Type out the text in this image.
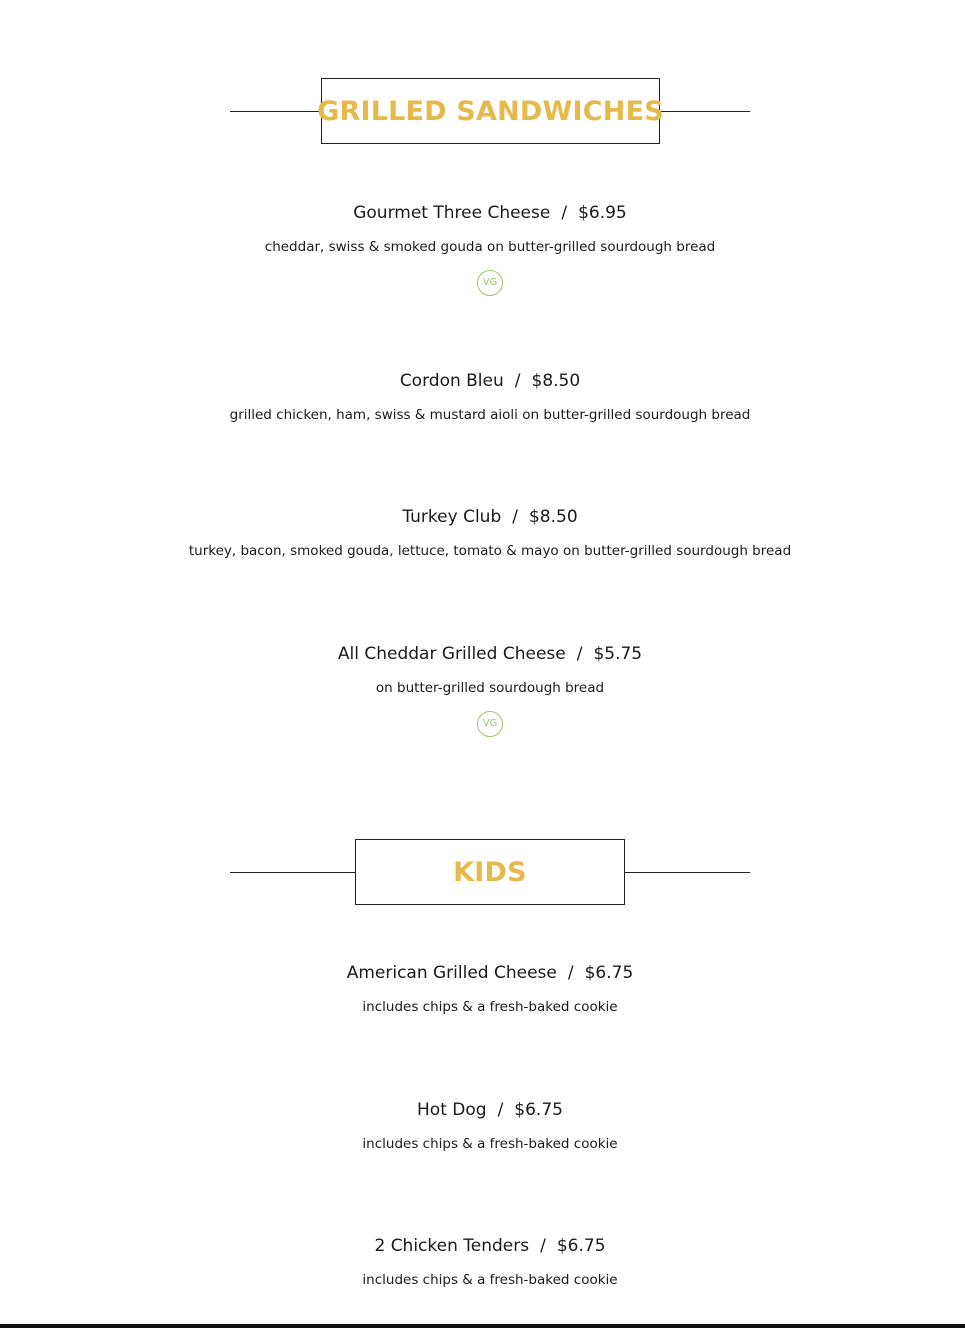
GRILLED SANDWICHES
Gourmet Three Cheese / $6.95
cheddar, swiss & smoked gouda on butter-grilled sourdough bread
VG
Cordon Bleu / $8.50
grilled chicken, ham, swiss & mustard aioli on butter-grilled sourdough bread
Turkey Club / $8.50
turkey, bacon, smoked gouda, lettuce, tomato & mayo on butter-grilled sourdough bread
All Cheddar Grilled Cheese / $5.75
on butter-grilled sourdough bread
VG
KIDS
American Grilled Cheese / $6.75
includes chips & a fresh-baked cookie
Hot Dog / $6.75
includes chips & a fresh-baked cookie
2 Chicken Tenders / $6.75
includes chips & a fresh-baked cookie
